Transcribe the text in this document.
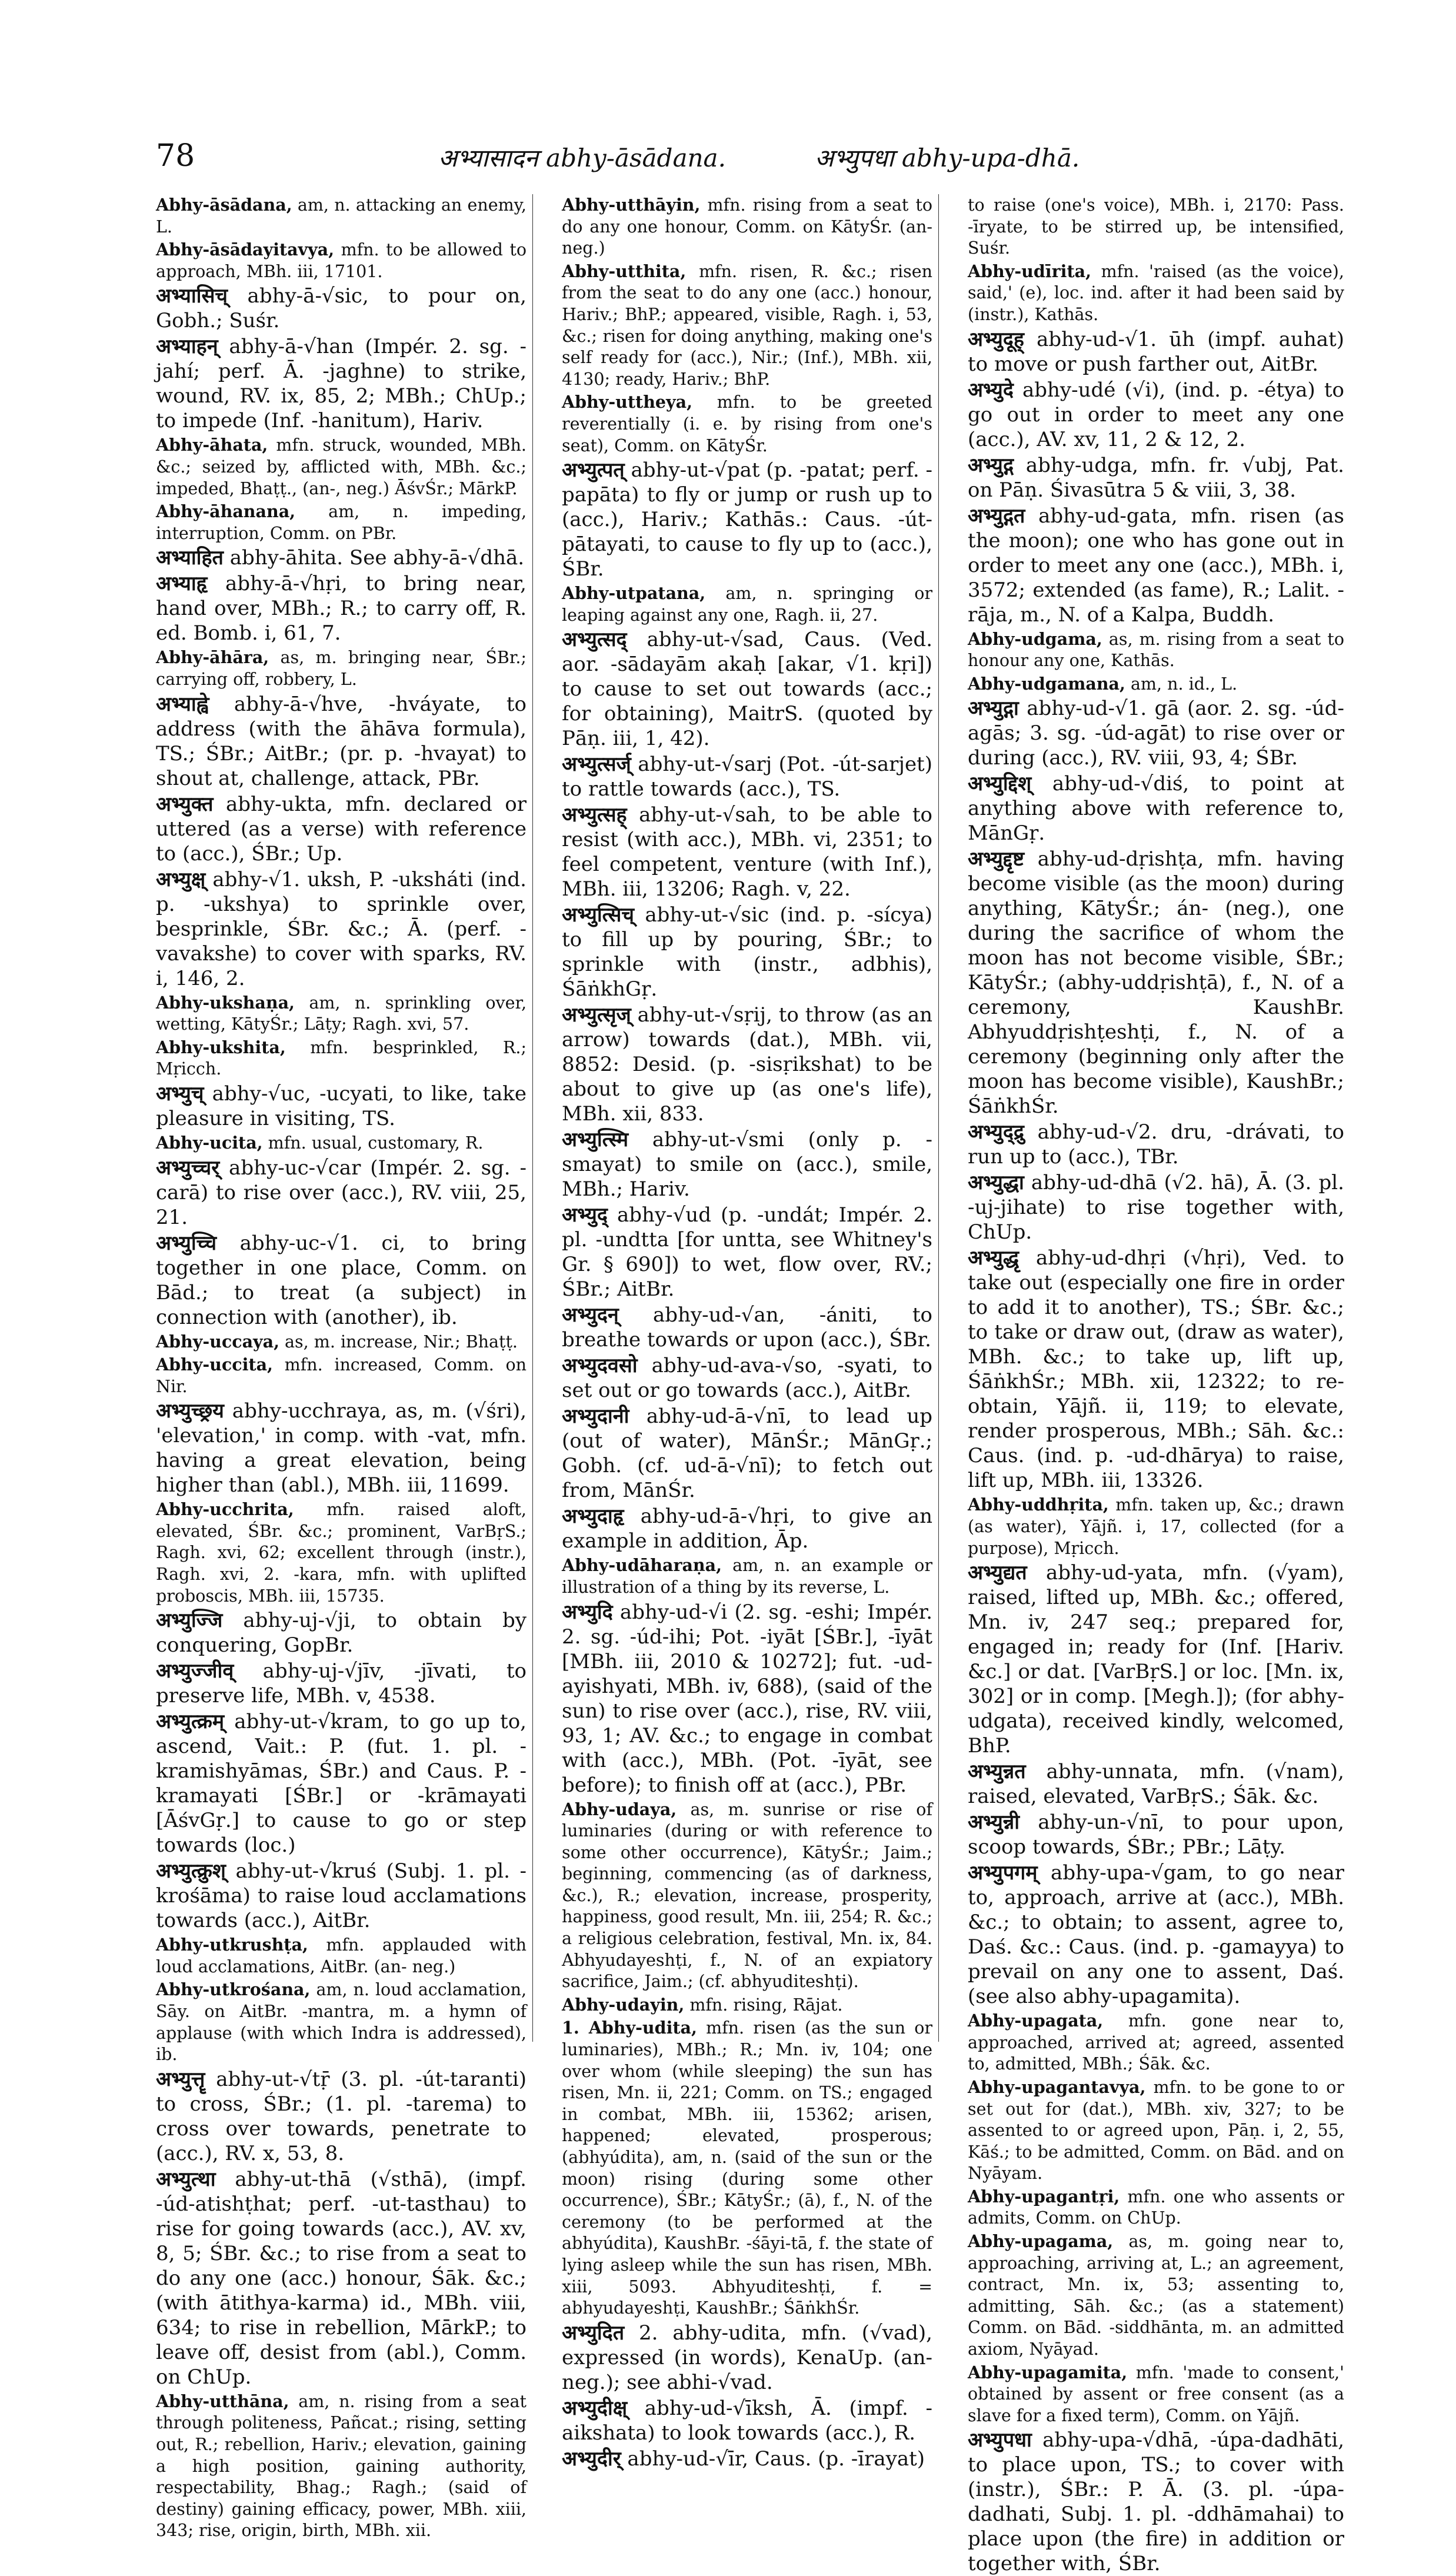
78	अभ्यासादन abhy-āsādana.	अभ्युपधा abhy-upa-dhā.

Abhy-āsādana, am, n. attacking an enemy, L.

Abhy-āsādayitavya, mfn. to be allowed to approach, MBh. iii, 17101.

अभ्यासिच् abhy-ā-√sic, to pour on, Gobh.; Suśr.

अभ्याहन् abhy-ā-√han (Impér. 2. sg. -jahí; perf. Ā. -jaghne) to strike, wound, RV. ix, 85, 2; MBh.; ChUp.; to impede (Inf. -hanitum), Hariv.

Abhy-āhata, mfn. struck, wounded, MBh. &c.; seized by, afflicted with, MBh. &c.; impeded, Bhaṭṭ., (an-, neg.) ĀśvŚr.; MārkP.

Abhy-āhanana, am, n. impeding, interruption, Comm. on PBr.

अभ्याहित abhy-āhita. See abhy-ā-√dhā.

अभ्याहृ abhy-ā-√hṛi, to bring near, hand over, MBh.; R.; to carry off, R. ed. Bomb. i, 61, 7.

Abhy-āhāra, as, m. bringing near, ŚBr.; carrying off, robbery, L.

अभ्याह्वे abhy-ā-√hve, -hváyate, to address (with the āhāva formula), TS.; ŚBr.; AitBr.; (pr. p. -hvayat) to shout at, challenge, attack, PBr.

अभ्युक्त abhy-ukta, mfn. declared or uttered (as a verse) with reference to (acc.), ŚBr.; Up.

अभ्युक्ष् abhy-√1. uksh, P. -uksháti (ind. p. -ukshya) to sprinkle over, besprinkle, ŚBr. &c.; Ā. (perf. -vavakshe) to cover with sparks, RV. i, 146, 2.

Abhy-ukshaṇa, am, n. sprinkling over, wetting, KātyŚr.; Lāṭy; Ragh. xvi, 57.

Abhy-ukshita, mfn. besprinkled, R.; Mṛicch.

अभ्युच् abhy-√uc, -ucyati, to like, take pleasure in visiting, TS.

Abhy-ucita, mfn. usual, customary, R.

अभ्युच्चर् abhy-uc-√car (Impér. 2. sg. -carā) to rise over (acc.), RV. viii, 25, 21.

अभ्युच्चि abhy-uc-√1. ci, to bring together in one place, Comm. on Bād.; to treat (a subject) in connection with (another), ib.

Abhy-uccaya, as, m. increase, Nir.; Bhaṭṭ.

Abhy-uccita, mfn. increased, Comm. on Nir.

अभ्युच्छ्रय abhy-ucchraya, as, m. (√śri), 'elevation,' in comp. with -vat, mfn. having a great elevation, being higher than (abl.), MBh. iii, 11699.

Abhy-ucchrita, mfn. raised aloft, elevated, ŚBr. &c.; prominent, VarBṛS.; Ragh. xvi, 62; excellent through (instr.), Ragh. xvi, 2. -kara, mfn. with uplifted proboscis, MBh. iii, 15735.

अभ्युज्जि abhy-uj-√ji, to obtain by conquering, GopBr.

अभ्युज्जीव् abhy-uj-√jīv, -jīvati, to preserve life, MBh. v, 4538.

अभ्युत्क्रम् abhy-ut-√kram, to go up to, ascend, Vait.: P. (fut. 1. pl. -kramishyāmas, ŚBr.) and Caus. P. -kramayati [ŚBr.] or -krāmayati [ĀśvGṛ.] to cause to go or step towards (loc.)

अभ्युत्क्रुश् abhy-ut-√kruś (Subj. 1. pl. -krośāma) to raise loud acclamations towards (acc.), AitBr.

Abhy-utkrushṭa, mfn. applauded with loud acclamations, AitBr. (an- neg.)

Abhy-utkrośana, am, n. loud acclamation, Sāy. on AitBr. -mantra, m. a hymn of applause (with which Indra is addressed), ib.

अभ्युत्तॄ abhy-ut-√tṝ (3. pl. -út-taranti) to cross, ŚBr.; (1. pl. -tarema) to cross over towards, penetrate to (acc.), RV. x, 53, 8.

अभ्युत्था abhy-ut-thā (√sthā), (impf. -úd-atishṭhat; perf. -ut-tasthau) to rise for going towards (acc.), AV. xv, 8, 5; ŚBr. &c.; to rise from a seat to do any one (acc.) honour, Śāk. &c.; (with ātithya-karma) id., MBh. viii, 634; to rise in rebellion, MārkP.; to leave off, desist from (abl.), Comm. on ChUp.

Abhy-utthāna, am, n. rising from a seat through politeness, Pañcat.; rising, setting out, R.; rebellion, Hariv.; elevation, gaining a high position, gaining authority, respectability, Bhag.; Ragh.; (said of destiny) gaining efficacy, power, MBh. xiii, 343; rise, origin, birth, MBh. xii.

Abhy-utthāyin, mfn. rising from a seat to do any one honour, Comm. on KātyŚr. (an- neg.)

Abhy-utthita, mfn. risen, R. &c.; risen from the seat to do any one (acc.) honour, Hariv.; BhP.; appeared, visible, Ragh. i, 53, &c.; risen for doing anything, making one's self ready for (acc.), Nir.; (Inf.), MBh. xii, 4130; ready, Hariv.; BhP.

Abhy-uttheya, mfn. to be greeted reverentially (i. e. by rising from one's seat), Comm. on KātyŚr.

अभ्युत्पत् abhy-ut-√pat (p. -patat; perf. -papāta) to fly or jump or rush up to (acc.), Hariv.; Kathās.: Caus. -út-pātayati, to cause to fly up to (acc.), ŚBr.

Abhy-utpatana, am, n. springing or leaping against any one, Ragh. ii, 27.

अभ्युत्सद् abhy-ut-√sad, Caus. (Ved. aor. -sādayām akaḥ [akar, √1. kṛi]) to cause to set out towards (acc.; for obtaining), MaitrS. (quoted by Pāṇ. iii, 1, 42).

अभ्युत्सर्ज् abhy-ut-√sarj (Pot. -út-sarjet) to rattle towards (acc.), TS.

अभ्युत्सह् abhy-ut-√sah, to be able to resist (with acc.), MBh. vi, 2351; to feel competent, venture (with Inf.), MBh. iii, 13206; Ragh. v, 22.

अभ्युत्सिच् abhy-ut-√sic (ind. p. -sícya) to fill up by pouring, ŚBr.; to sprinkle with (instr., adbhis), ŚāṅkhGṛ.

अभ्युत्सृज् abhy-ut-√sṛij, to throw (as an arrow) towards (dat.), MBh. vii, 8852: Desid. (p. -sisṛikshat) to be about to give up (as one's life), MBh. xii, 833.

अभ्युत्स्मि abhy-ut-√smi (only p. -smayat) to smile on (acc.), smile, MBh.; Hariv.

अभ्युद् abhy-√ud (p. -undát; Impér. 2. pl. -undtta [for untta, see Whitney's Gr. § 690]) to wet, flow over, RV.; ŚBr.; AitBr.

अभ्युदन् abhy-ud-√an, -ániti, to breathe towards or upon (acc.), ŚBr.

अभ्युदवसो abhy-ud-ava-√so, -syati, to set out or go towards (acc.), AitBr.

अभ्युदानी abhy-ud-ā-√nī, to lead up (out of water), MānŚr.; MānGṛ.; Gobh. (cf. ud-ā-√nī); to fetch out from, MānŚr.

अभ्युदाहृ abhy-ud-ā-√hṛi, to give an example in addition, Āp.

Abhy-udāharaṇa, am, n. an example or illustration of a thing by its reverse, L.

अभ्युदि abhy-ud-√i (2. sg. -eshi; Impér. 2. sg. -úd-ihi; Pot. -iyāt [ŚBr.], -īyāt [MBh. iii, 2010 & 10272]; fut. -ud-ayishyati, MBh. iv, 688), (said of the sun) to rise over (acc.), rise, RV. viii, 93, 1; AV. &c.; to engage in combat with (acc.), MBh. (Pot. -īyāt, see before); to finish off at (acc.), PBr.

Abhy-udaya, as, m. sunrise or rise of luminaries (during or with reference to some other occurrence), KātyŚr.; Jaim.; beginning, commencing (as of darkness, &c.), R.; elevation, increase, prosperity, happiness, good result, Mn. iii, 254; R. &c.; a religious celebration, festival, Mn. ix, 84. Abhyudayeshṭi, f., N. of an expiatory sacrifice, Jaim.; (cf. abhyuditeshṭi).

Abhy-udayin, mfn. rising, Rājat.

1. Abhy-udita, mfn. risen (as the sun or luminaries), MBh.; R.; Mn. iv, 104; one over whom (while sleeping) the sun has risen, Mn. ii, 221; Comm. on TS.; engaged in combat, MBh. iii, 15362; arisen, happened; elevated, prosperous; (abhyúdita), am, n. (said of the sun or the moon) rising (during some other occurrence), ŚBr.; KātyŚr.; (ā), f., N. of the ceremony (to be performed at the abhyúdita), KaushBr. -śāyi-tā, f. the state of lying asleep while the sun has risen, MBh. xiii, 5093. Abhyuditeshṭi, f. = abhyudayeshṭi, KaushBr.; ŚāṅkhŚr.

अभ्युदित 2. abhy-udita, mfn. (√vad), expressed (in words), KenaUp. (an- neg.); see abhi-√vad.

अभ्युदीक्ष् abhy-ud-√īksh, Ā. (impf. -aikshata) to look towards (acc.), R.

अभ्युदीर् abhy-ud-√īr, Caus. (p. -īrayat)

to raise (one's voice), MBh. i, 2170: Pass. -īryate, to be stirred up, be intensified, Suśr.

Abhy-udīrita, mfn. 'raised (as the voice), said,' (e), loc. ind. after it had been said by (instr.), Kathās.

अभ्युदूह् abhy-ud-√1. ūh (impf. auhat) to move or push farther out, AitBr.

अभ्युदे abhy-udé (√i), (ind. p. -étya) to go out in order to meet any one (acc.), AV. xv, 11, 2 & 12, 2.

अभ्युद्ग abhy-udga, mfn. fr. √ubj, Pat. on Pāṇ. Śivasūtra 5 & viii, 3, 38.

अभ्युद्गत abhy-ud-gata, mfn. risen (as the moon); one who has gone out in order to meet any one (acc.), MBh. i, 3572; extended (as fame), R.; Lalit. -rāja, m., N. of a Kalpa, Buddh.

Abhy-udgama, as, m. rising from a seat to honour any one, Kathās.

Abhy-udgamana, am, n. id., L.

अभ्युद्गा abhy-ud-√1. gā (aor. 2. sg. -úd-agās; 3. sg. -úd-agāt) to rise over or during (acc.), RV. viii, 93, 4; ŚBr.

अभ्युद्दिश् abhy-ud-√diś, to point at anything above with reference to, MānGṛ.

अभ्युद्दृष्ट abhy-ud-dṛishṭa, mfn. having become visible (as the moon) during anything, KātyŚr.; án- (neg.), one during the sacrifice of whom the moon has not become visible, ŚBr.; KātyŚr.; (abhy-uddṛishṭā), f., N. of a ceremony, KaushBr. Abhyuddṛishṭeshṭi, f., N. of a ceremony (beginning only after the moon has become visible), KaushBr.; ŚāṅkhŚr.

अभ्युद्द्रु abhy-ud-√2. dru, -drávati, to run up to (acc.), TBr.

अभ्युद्धा abhy-ud-dhā (√2. hā), Ā. (3. pl. -uj-jihate) to rise together with, ChUp.

अभ्युद्धृ abhy-ud-dhṛi (√hṛi), Ved. to take out (especially one fire in order to add it to another), TS.; ŚBr. &c.; to take or draw out, (draw as water), MBh. &c.; to take up, lift up, ŚāṅkhŚr.; MBh. xii, 12322; to re-obtain, Yājñ. ii, 119; to elevate, render prosperous, MBh.; Sāh. &c.: Caus. (ind. p. -ud-dhārya) to raise, lift up, MBh. iii, 13326.

Abhy-uddhṛita, mfn. taken up, &c.; drawn (as water), Yājñ. i, 17, collected (for a purpose), Mṛicch.

अभ्युद्यत abhy-ud-yata, mfn. (√yam), raised, lifted up, MBh. &c.; offered, Mn. iv, 247 seq.; prepared for, engaged in; ready for (Inf. [Hariv. &c.] or dat. [VarBṛS.] or loc. [Mn. ix, 302] or in comp. [Megh.]); (for abhy-udgata), received kindly, welcomed, BhP.

अभ्युन्नत abhy-unnata, mfn. (√nam), raised, elevated, VarBṛS.; Śāk. &c.

अभ्युन्नी abhy-un-√nī, to pour upon, scoop towards, ŚBr.; PBr.; Lāṭy.

अभ्युपगम् abhy-upa-√gam, to go near to, approach, arrive at (acc.), MBh. &c.; to obtain; to assent, agree to, Daś. &c.: Caus. (ind. p. -gamayya) to prevail on any one to assent, Daś. (see also abhy-upagamita).

Abhy-upagata, mfn. gone near to, approached, arrived at; agreed, assented to, admitted, MBh.; Śāk. &c.

Abhy-upagantavya, mfn. to be gone to or set out for (dat.), MBh. xiv, 327; to be assented to or agreed upon, Pāṇ. i, 2, 55, Kāś.; to be admitted, Comm. on Bād. and on Nyāyam.

Abhy-upagantṛi, mfn. one who assents or admits, Comm. on ChUp.

Abhy-upagama, as, m. going near to, approaching, arriving at, L.; an agreement, contract, Mn. ix, 53; assenting to, admitting, Sāh. &c.; (as a statement) Comm. on Bād. -siddhānta, m. an admitted axiom, Nyāyad.

Abhy-upagamita, mfn. 'made to consent,' obtained by assent or free consent (as a slave for a fixed term), Comm. on Yājñ.

अभ्युपधा abhy-upa-√dhā, -úpa-dadhāti, to place upon, TS.; to cover with (instr.), ŚBr.: P. Ā. (3. pl. -úpa-dadhati, Subj. 1. pl. -ddhāmahai) to place upon (the fire) in addition or together with, ŚBr.
